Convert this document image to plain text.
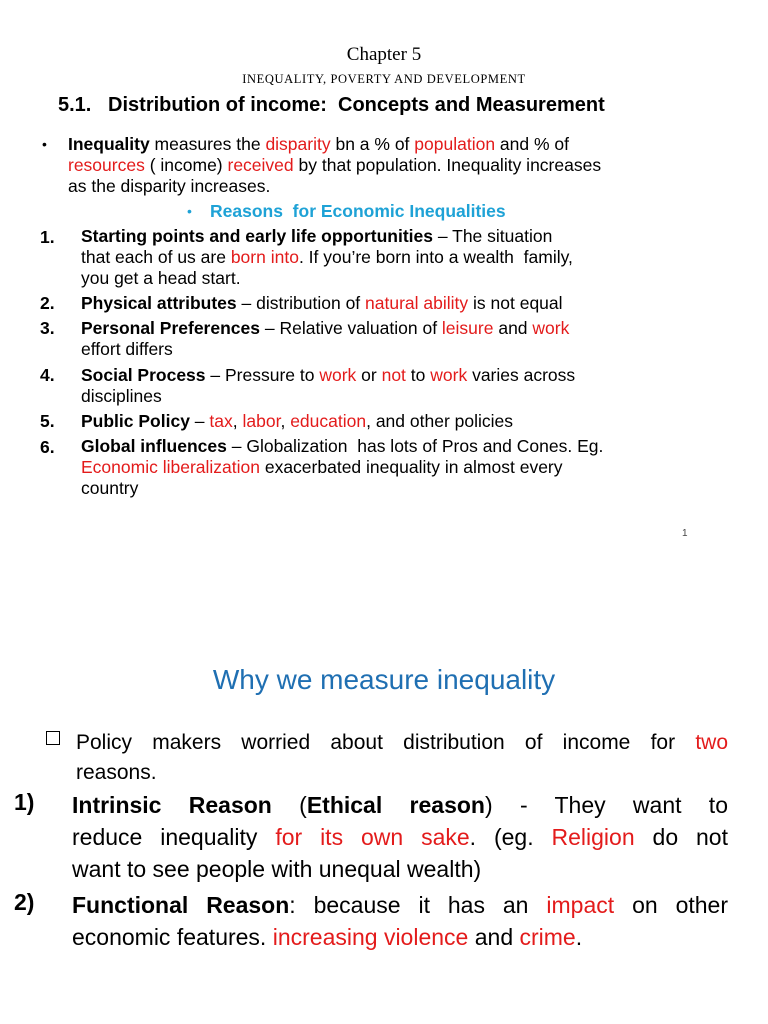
Chapter 5
INEQUALITY, POVERTY AND DEVELOPMENT
5.1.   Distribution of income:  Concepts and Measurement
• Inequality measures the disparity bn a % of population and % of
resources ( income) received by that population. Inequality increases
as the disparity increases.
• Reasons  for Economic Inequalities
1. Starting points and early life opportunities – The situation
that each of us are born into. If you’re born into a wealth  family,
you get a head start.
2. Physical attributes – distribution of natural ability is not equal
3. Personal Preferences – Relative valuation of leisure and work
effort differs
4. Social Process – Pressure to work or not to work varies across
disciplines
5. Public Policy – tax, labor, education, and other policies
6. Global influences – Globalization  has lots of Pros and Cones. Eg.
Economic liberalization exacerbated inequality in almost every
country
1
Why we measure inequality
Policy makers worried about distribution of income for two
reasons.
1) Intrinsic Reason (Ethical reason) - They want to
reduce inequality for its own sake. (eg. Religion do not
want to see people with unequal wealth)
2) Functional Reason: because it has an impact on other
economic features. increasing violence and crime.
